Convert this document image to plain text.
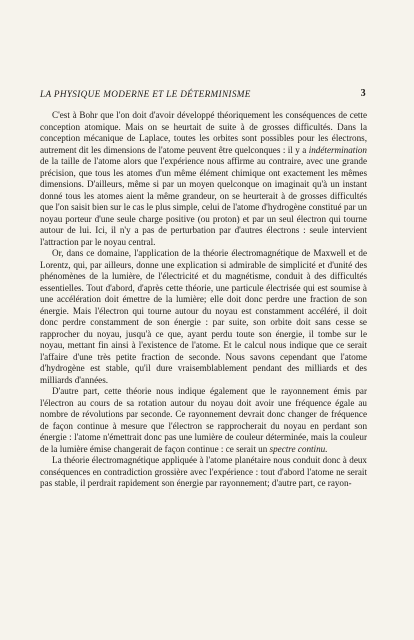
LA PHYSIQUE MODERNE ET LE DÉTERMINISME	3

C'est à Bohr que l'on doit d'avoir développé théoriquement les conséquences de cette conception atomique. Mais on se heurtait de suite à de grosses difficultés. Dans la conception mécanique de Laplace, toutes les orbites sont possibles pour les électrons, autrement dit les dimensions de l'atome peuvent être quelconques : il y a indétermination de la taille de l'atome alors que l'expérience nous affirme au contraire, avec une grande précision, que tous les atomes d'un même élément chimique ont exactement les mêmes dimensions. D'ailleurs, même si par un moyen quelconque on imaginait qu'à un instant donné tous les atomes aient la même grandeur, on se heurterait à de grosses difficultés que l'on saisit bien sur le cas le plus simple, celui de l'atome d'hydrogène constitué par un noyau porteur d'une seule charge positive (ou proton) et par un seul électron qui tourne autour de lui. Ici, il n'y a pas de perturbation par d'autres électrons : seule intervient l'attraction par le noyau central.

Or, dans ce domaine, l'application de la théorie électromagnétique de Maxwell et de Lorentz, qui, par ailleurs, donne une explication si admirable de simplicité et d'unité des phénomènes de la lumière, de l'électricité et du magnétisme, conduit à des difficultés essentielles. Tout d'abord, d'après cette théorie, une particule électrisée qui est soumise à une accélération doit émettre de la lumière; elle doit donc perdre une fraction de son énergie. Mais l'électron qui tourne autour du noyau est constamment accéléré, il doit donc perdre constamment de son énergie : par suite, son orbite doit sans cesse se rapprocher du noyau, jusqu'à ce que, ayant perdu toute son énergie, il tombe sur le noyau, mettant fin ainsi à l'existence de l'atome. Et le calcul nous indique que ce serait l'affaire d'une très petite fraction de seconde. Nous savons cependant que l'atome d'hydrogène est stable, qu'il dure vraisemblablement pendant des milliards et des milliards d'années.

D'autre part, cette théorie nous indique également que le rayonnement émis par l'électron au cours de sa rotation autour du noyau doit avoir une fréquence égale au nombre de révolutions par seconde. Ce rayonnement devrait donc changer de fréquence de façon continue à mesure que l'électron se rapprocherait du noyau en perdant son énergie : l'atome n'émettrait donc pas une lumière de couleur déterminée, mais la couleur de la lumière émise changerait de façon continue : ce serait un spectre continu.

La théorie électromagnétique appliquée à l'atome planétaire nous conduit donc à deux conséquences en contradiction grossière avec l'expérience : tout d'abord l'atome ne serait pas stable, il perdrait rapidement son énergie par rayonnement; d'autre part, ce rayon-
